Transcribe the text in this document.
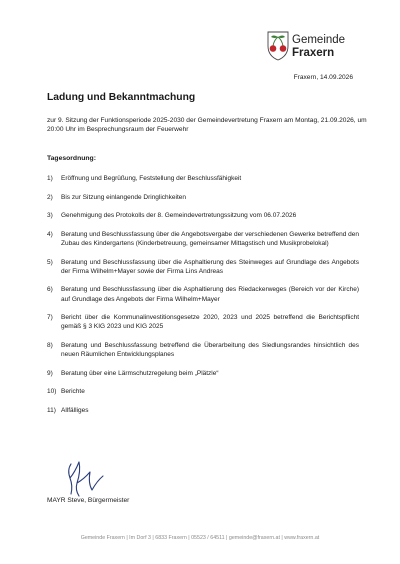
Gemeinde
Fraxern
Fraxern, 14.09.2026
Ladung und Bekanntmachung
zur 9. Sitzung der Funktionsperiode 2025-2030 der Gemeindevertretung Fraxern am Montag, 21.09.2026, um 20:00 Uhr im Besprechungsraum der Feuerwehr
Tagesordnung:
1) Eröffnung und Begrüßung, Feststellung der Beschlussfähigkeit
2) Bis zur Sitzung einlangende Dringlichkeiten
3) Genehmigung des Protokolls der 8. Gemeindevertretungssitzung vom 06.07.2026
4) Beratung und Beschlussfassung über die Angebotsvergabe der verschiedenen Gewerke betreffend den Zubau des Kindergartens (Kinderbetreuung, gemeinsamer Mittagstisch und Musikprobelokal)
5) Beratung und Beschlussfassung über die Asphaltierung des Steinweges auf Grundlage des Angebots der Firma Wilhelm+Mayer sowie der Firma Lins Andreas
6) Beratung und Beschlussfassung über die Asphaltierung des Riedackerweges (Bereich vor der Kirche) auf Grundlage des Angebots der Firma Wilhelm+Mayer
7) Bericht über die Kommunalinvestitionsgesetze 2020, 2023 und 2025 betreffend die Berichtspflicht gemäß § 3 KIG 2023 und KIG 2025
8) Beratung und Beschlussfassung betreffend die Überarbeitung des Siedlungsrandes hinsichtlich des neuen Räumlichen Entwicklungsplanes
9) Beratung über eine Lärmschutzregelung beim „Plätzle“
10) Berichte
11) Allfälliges
MAYR Steve, Bürgermeister
Gemeinde Fraxern | Im Dorf 3 | 6833 Fraxern | 05523 / 64511 | gemeinde@fraxern.at | www.fraxern.at
